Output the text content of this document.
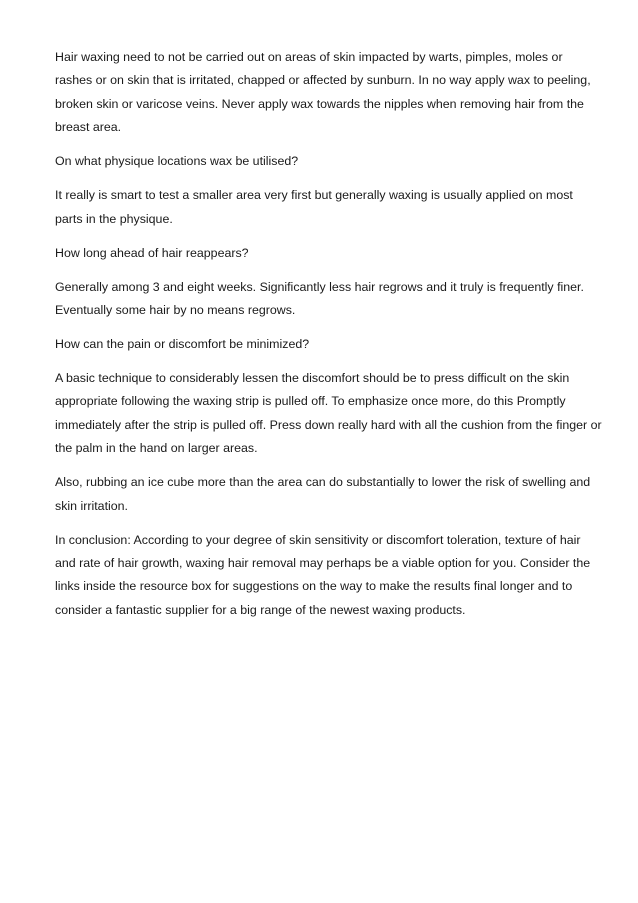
Hair waxing need to not be carried out on areas of skin impacted by warts, pimples, moles or rashes or on skin that is irritated, chapped or affected by sunburn. In no way apply wax to peeling, broken skin or varicose veins. Never apply wax towards the nipples when removing hair from the breast area.

On what physique locations wax be utilised?

It really is smart to test a smaller area very first but generally waxing is usually applied on most parts in the physique.

How long ahead of hair reappears?

Generally among 3 and eight weeks. Significantly less hair regrows and it truly is frequently finer. Eventually some hair by no means regrows.

How can the pain or discomfort be minimized?

A basic technique to considerably lessen the discomfort should be to press difficult on the skin appropriate following the waxing strip is pulled off. To emphasize once more, do this Promptly immediately after the strip is pulled off. Press down really hard with all the cushion from the finger or the palm in the hand on larger areas.

Also, rubbing an ice cube more than the area can do substantially to lower the risk of swelling and skin irritation.

In conclusion: According to your degree of skin sensitivity or discomfort toleration, texture of hair and rate of hair growth, waxing hair removal may perhaps be a viable option for you. Consider the links inside the resource box for suggestions on the way to make the results final longer and to consider a fantastic supplier for a big range of the newest waxing products.
